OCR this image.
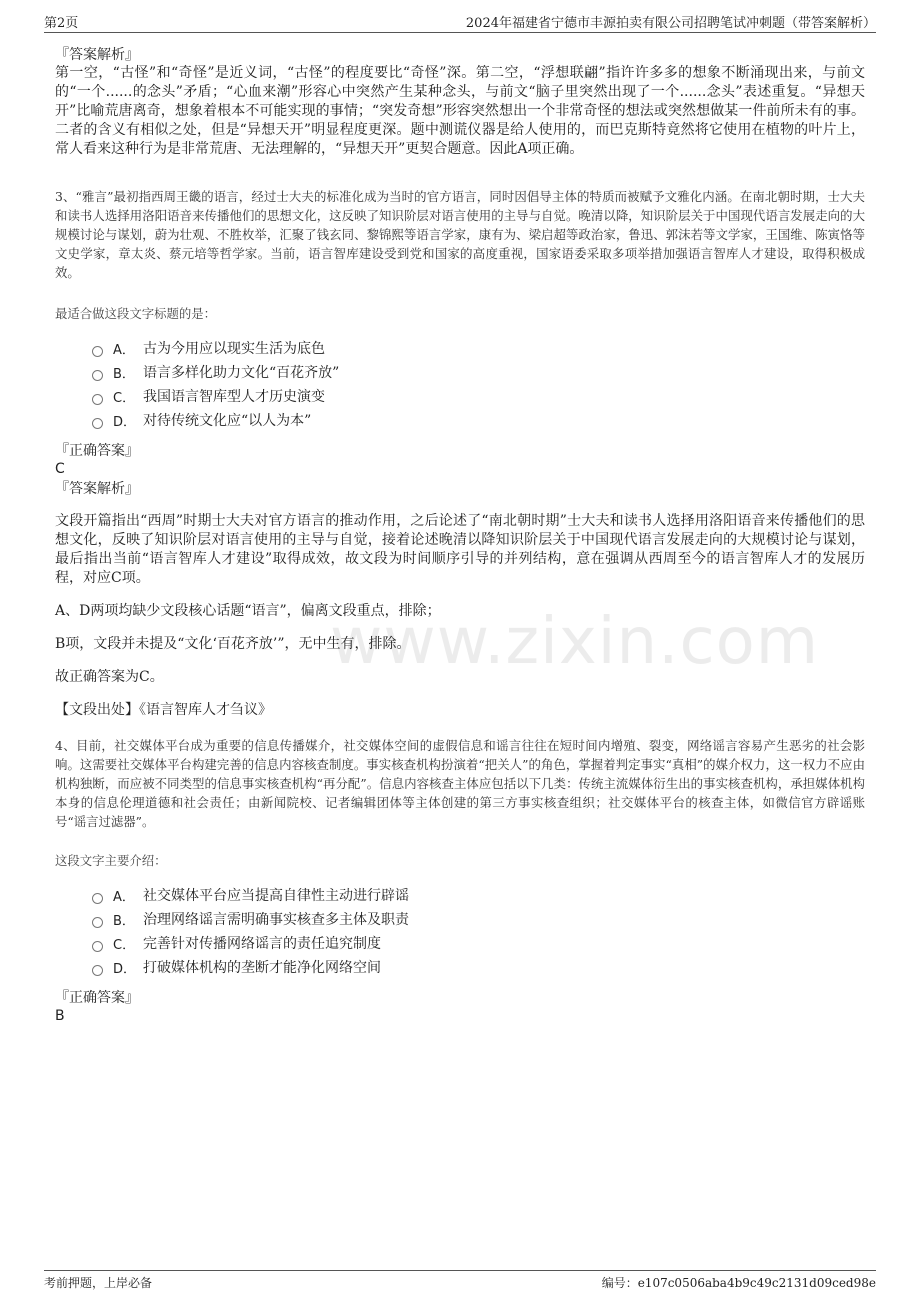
第2页	2024年福建省宁德市丰源拍卖有限公司招聘笔试冲刺题（带答案解析）
www.zixin.com
『答案解析』

第一空，“古怪”和“奇怪”是近义词，“古怪”的程度要比“奇怪”深。第二空，“浮想联翩”指许许多多的想象不断涌现出来，与前文的“一个......的念头”矛盾；“心血来潮”形容心中突然产生某种念头，与前文“脑子里突然出现了一个......念头”表述重复。“异想天开”比喻荒唐离奇，想象着根本不可能实现的事情；“突发奇想”形容突然想出一个非常奇怪的想法或突然想做某一件前所未有的事。二者的含义有相似之处，但是“异想天开”明显程度更深。题中测谎仪器是给人使用的，而巴克斯特竟然将它使用在植物的叶片上，常人看来这种行为是非常荒唐、无法理解的，“异想天开”更契合题意。因此A项正确。

3、“雅言”最初指西周王畿的语言，经过士大夫的标准化成为当时的官方语言，同时因倡导主体的特质而被赋予文雅化内涵。在南北朝时期，士大夫和读书人选择用洛阳语音来传播他们的思想文化，这反映了知识阶层对语言使用的主导与自觉。晚清以降，知识阶层关于中国现代语言发展走向的大规模讨论与谋划，蔚为壮观、不胜枚举，汇聚了钱玄同、黎锦熙等语言学家，康有为、梁启超等政治家，鲁迅、郭沫若等文学家，王国维、陈寅恪等文史学家，章太炎、蔡元培等哲学家。当前，语言智库建设受到党和国家的高度重视，国家语委采取多项举措加强语言智库人才建设，取得积极成效。

最适合做这段文字标题的是：
A． 古为今用应以现实生活为底色
B． 语言多样化助力文化“百花齐放”
C． 我国语言智库型人才历史演变
D． 对待传统文化应“以人为本”
『正确答案』
C
『答案解析』

文段开篇指出“西周”时期士大夫对官方语言的推动作用，之后论述了“南北朝时期”士大夫和读书人选择用洛阳语音来传播他们的思想文化，反映了知识阶层对语言使用的主导与自觉，接着论述晚清以降知识阶层关于中国现代语言发展走向的大规模讨论与谋划，最后指出当前“语言智库人才建设”取得成效，故文段为时间顺序引导的并列结构，意在强调从西周至今的语言智库人才的发展历程，对应C项。

A、D两项均缺少文段核心话题“语言”，偏离文段重点，排除；

B项，文段并未提及“文化‘百花齐放’”，无中生有，排除。

故正确答案为C。

【文段出处】《语言智库人才刍议》

4、目前，社交媒体平台成为重要的信息传播媒介，社交媒体空间的虚假信息和谣言往往在短时间内增殖、裂变，网络谣言容易产生恶劣的社会影响。这需要社交媒体平台构建完善的信息内容核查制度。事实核查机构扮演着“把关人”的角色，掌握着判定事实“真相”的媒介权力，这一权力不应由机构独断，而应被不同类型的信息事实核查机构“再分配”。信息内容核查主体应包括以下几类：传统主流媒体衍生出的事实核查机构，承担媒体机构本身的信息伦理道德和社会责任；由新闻院校、记者编辑团体等主体创建的第三方事实核查组织；社交媒体平台的核查主体，如微信官方辟谣账号“谣言过滤器”。

这段文字主要介绍：
A． 社交媒体平台应当提高自律性主动进行辟谣
B． 治理网络谣言需明确事实核查多主体及职责
C． 完善针对传播网络谣言的责任追究制度
D． 打破媒体机构的垄断才能净化网络空间
『正确答案』
B
考前押题，上岸必备	编号：e107c0506aba4b9c49c2131d09ced98e
